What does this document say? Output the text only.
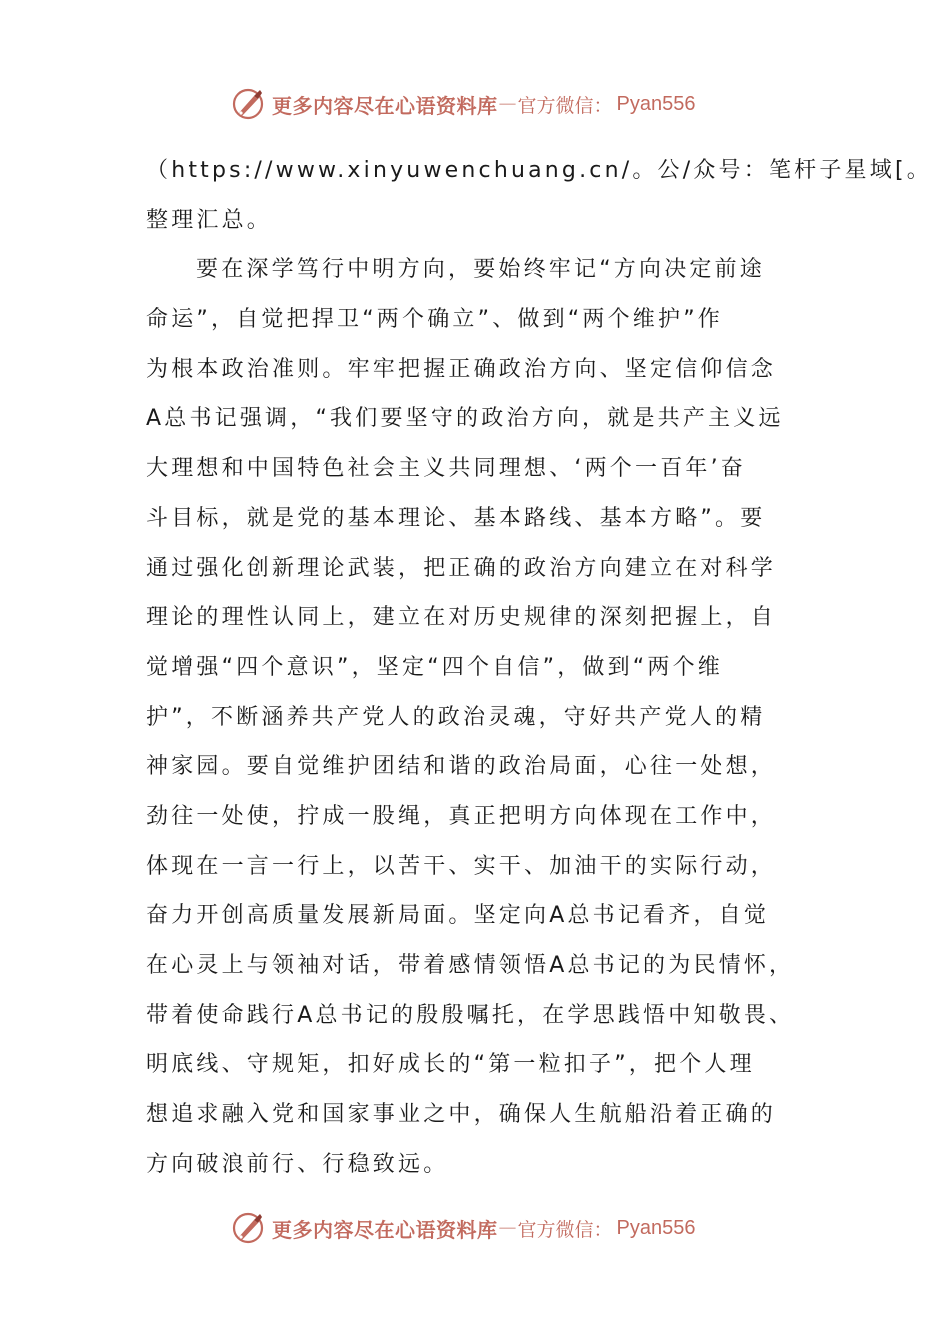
更多内容尽在心语资料库 — 官方微信： Pyan556
（https://www.xinyuwenchuang.cn/。公/众号：笔杆子星域[。
整理汇总。
要在深学笃行中明方向，要始终牢记“方向决定前途
命运”，自觉把捍卫“两个确立”、做到“两个维护”作
为根本政治准则。牢牢把握正确政治方向、坚定信仰信念
A总书记强调，“我们要坚守的政治方向，就是共产主义远
大理想和中国特色社会主义共同理想、‘两个一百年’奋
斗目标，就是党的基本理论、基本路线、基本方略”。要
通过强化创新理论武装，把正确的政治方向建立在对科学
理论的理性认同上，建立在对历史规律的深刻把握上，自
觉增强“四个意识”，坚定“四个自信”，做到“两个维
护”，不断涵养共产党人的政治灵魂，守好共产党人的精
神家园。要自觉维护团结和谐的政治局面，心往一处想，
劲往一处使，拧成一股绳，真正把明方向体现在工作中，
体现在一言一行上，以苦干、实干、加油干的实际行动，
奋力开创高质量发展新局面。坚定向A总书记看齐，自觉
在心灵上与领袖对话，带着感情领悟A总书记的为民情怀，
带着使命践行A总书记的殷殷嘱托，在学思践悟中知敬畏、
明底线、守规矩，扣好成长的“第一粒扣子”，把个人理
想追求融入党和国家事业之中，确保人生航船沿着正确的
方向破浪前行、行稳致远。
更多内容尽在心语资料库 — 官方微信： Pyan556
